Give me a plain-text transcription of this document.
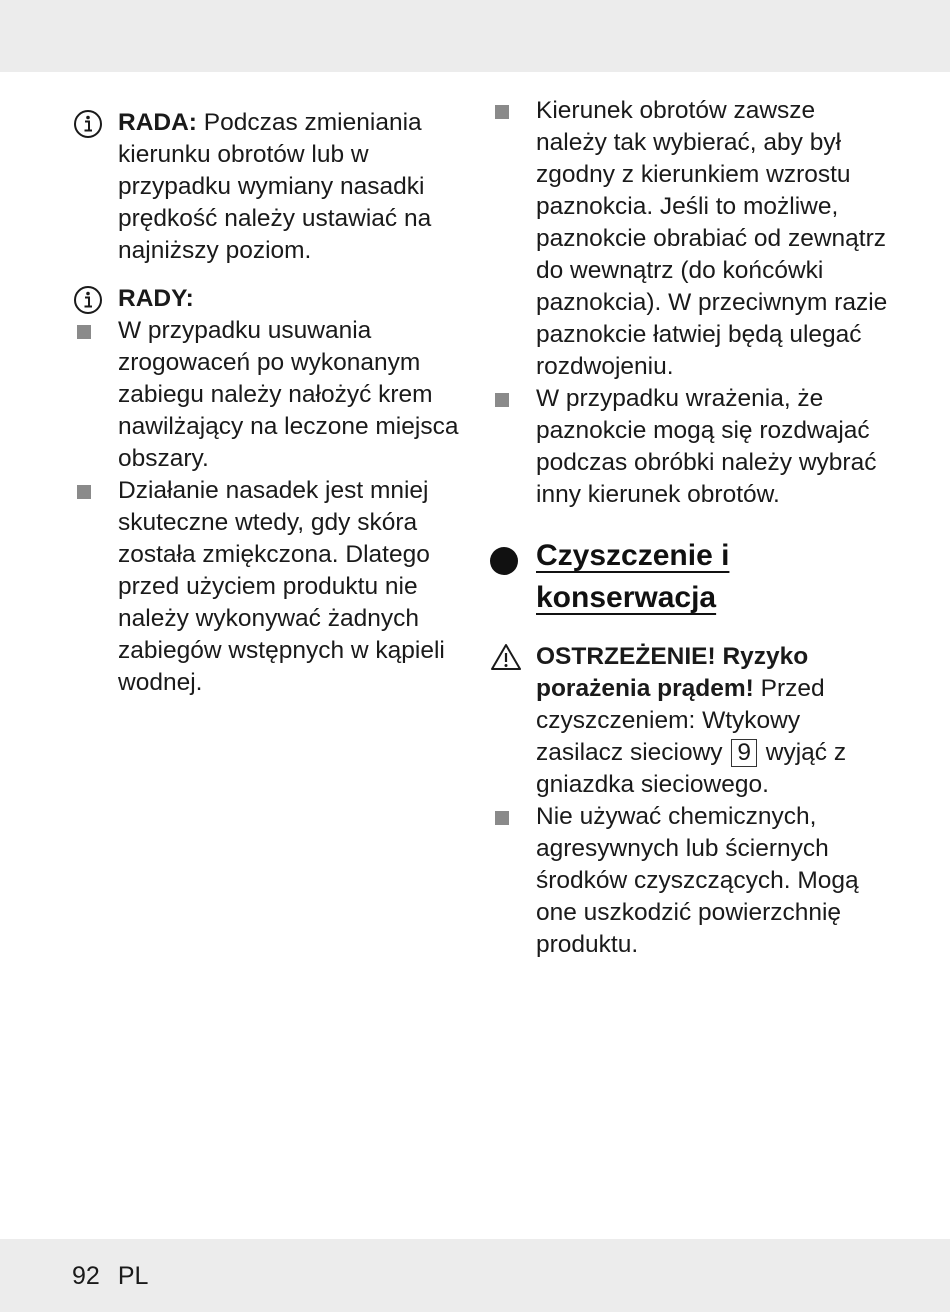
RADA: Podczas zmieniania kierunku obrotów lub w przypadku wymiany nasadki prędkość należy ustawiać na najniższy poziom.
RADY:
W przypadku usuwania zrogowaceń po wykonanym zabiegu należy nałożyć krem nawilżający na leczone miejsca obszary.
Działanie nasadek jest mniej skuteczne wtedy, gdy skóra została zmiękczona. Dlatego przed użyciem produktu nie należy wykonywać żadnych zabiegów wstępnych w kąpieli wodnej.
Kierunek obrotów zawsze należy tak wybierać, aby był zgodny z kierunkiem wzrostu paznokcia. Jeśli to możliwe, paznokcie obrabiać od zewnątrz do wewnątrz (do końcówki paznokcia). W przeciwnym razie paznokcie łatwiej będą ulegać rozdwojeniu.
W przypadku wrażenia, że paznokcie mogą się rozdwajać podczas obróbki należy wybrać inny kierunek obrotów.
Czyszczenie i konserwacja
OSTRZEŻENIE! Ryzyko porażenia prądem! Przed czyszczeniem: Wtykowy zasilacz sieciowy 9 wyjąć z gniazdka sieciowego.
Nie używać chemicznych, agresywnych lub ściernych środków czyszczących. Mogą one uszkodzić powierzchnię produktu.
92 PL
